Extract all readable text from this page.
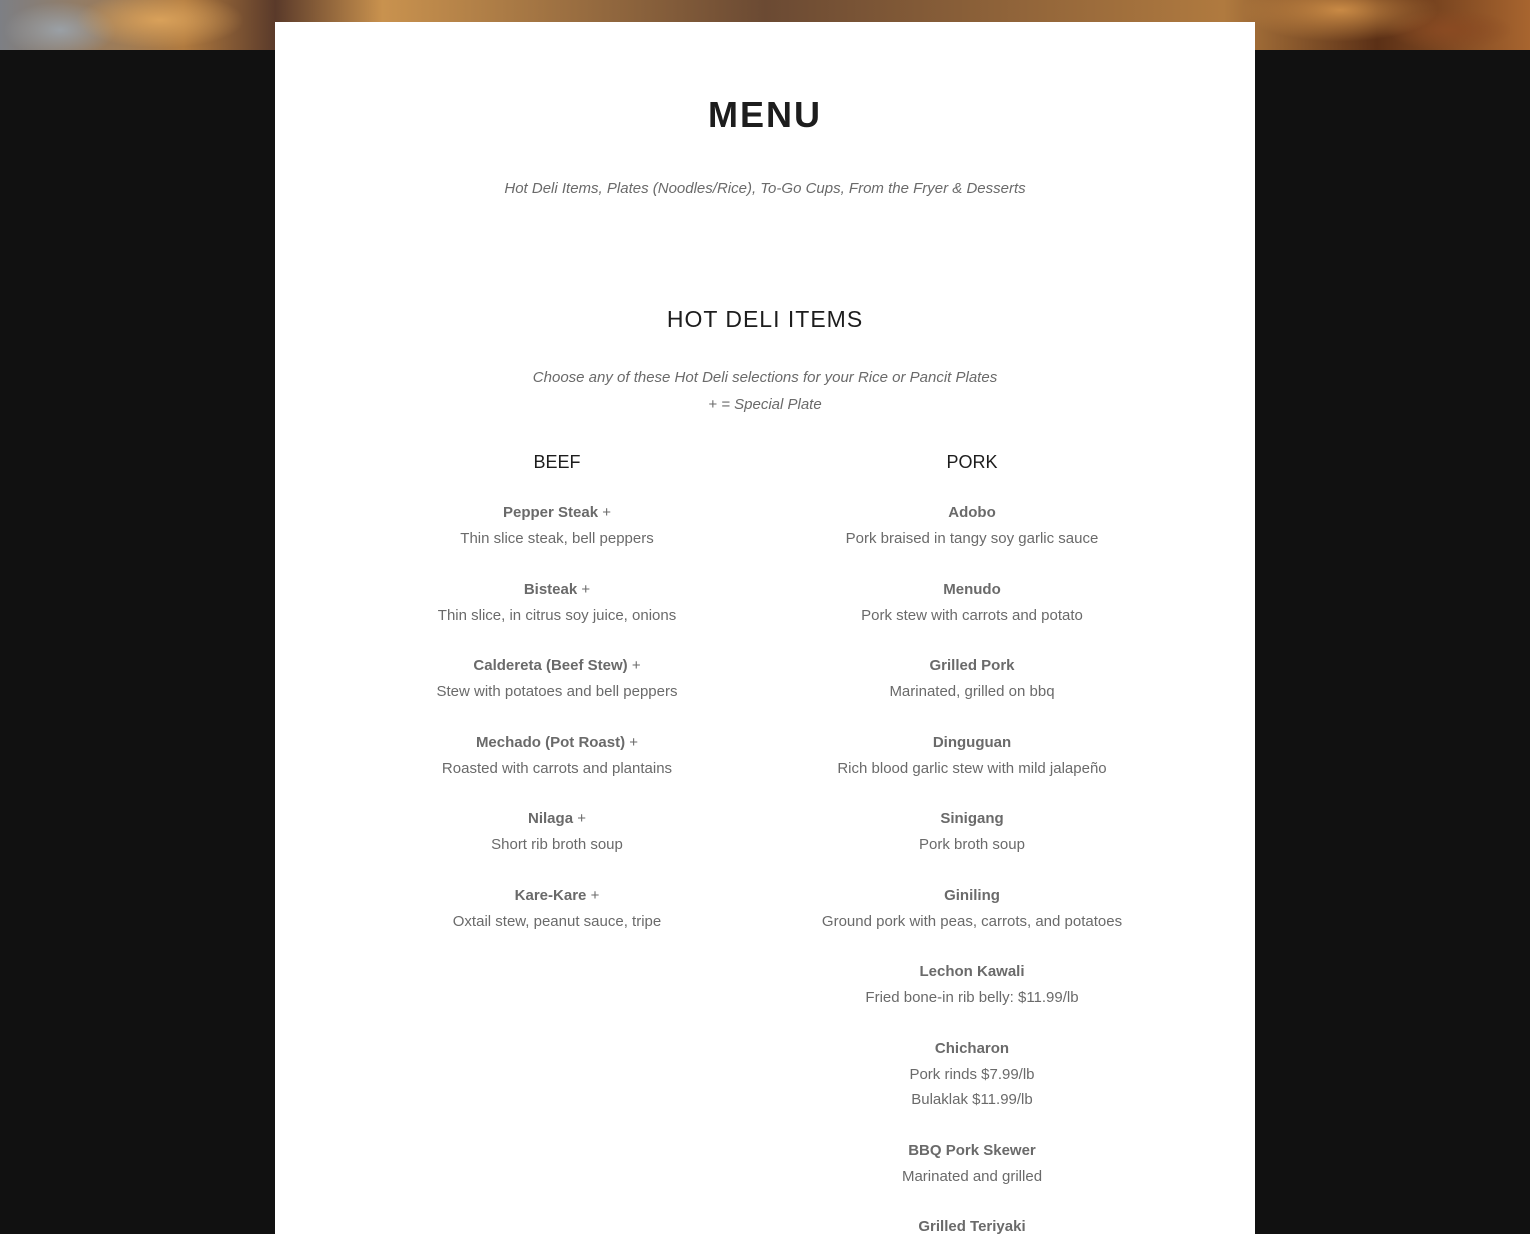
MENU

Hot Deli Items, Plates (Noodles/Rice), To-Go Cups, From the Fryer & Desserts

HOT DELI ITEMS
Choose any of these Hot Deli selections for your Rice or Pancit Plates
+ = Special Plate
BEEF
Pepper Steak +
Thin slice steak, bell peppers
Bisteak +
Thin slice, in citrus soy juice, onions
Caldereta (Beef Stew) +
Stew with potatoes and bell peppers
Mechado (Pot Roast) +
Roasted with carrots and plantains
Nilaga +
Short rib broth soup
Kare-Kare +
Oxtail stew, peanut sauce, tripe
PORK
Adobo
Pork braised in tangy soy garlic sauce
Menudo
Pork stew with carrots and potato
Grilled Pork
Marinated, grilled on bbq
Dinguguan
Rich blood garlic stew with mild jalapeño
Sinigang
Pork broth soup
Giniling
Ground pork with peas, carrots, and potatoes
Lechon Kawali
Fried bone-in rib belly: $11.99/lb
Chicharon
Pork rinds $7.99/lb
Bulaklak $11.99/lb
BBQ Pork Skewer
Marinated and grilled
Grilled Teriyaki
